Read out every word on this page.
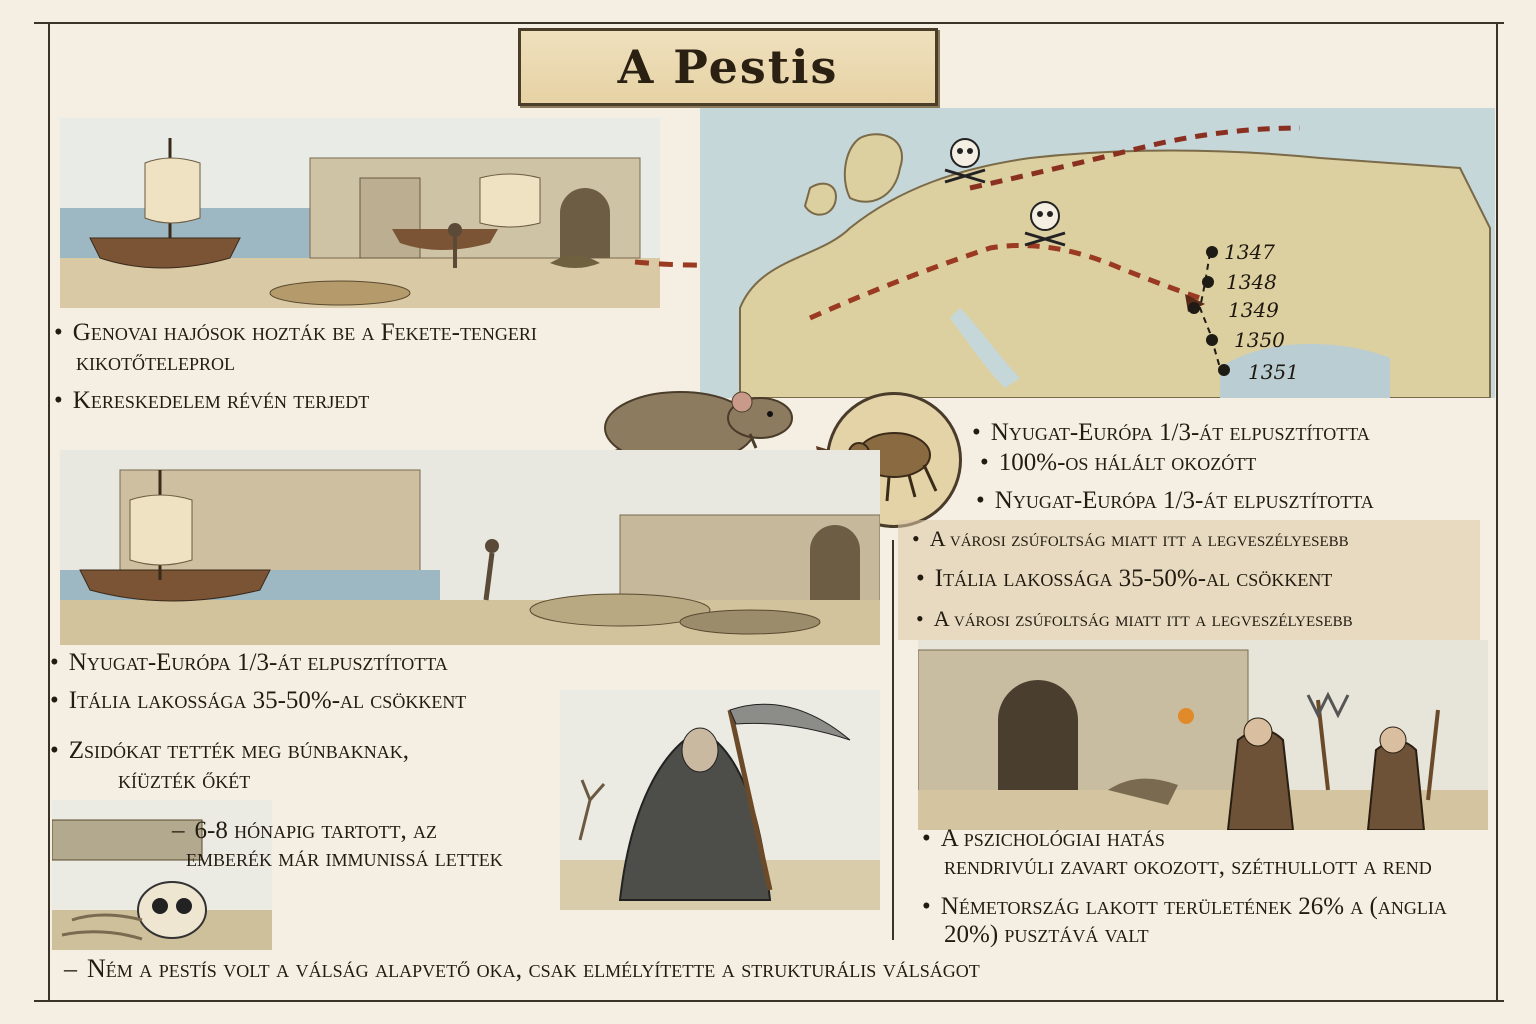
A Pestis
1347
1348
1349
1350
1351
• Genovai hajósok hozták be a Fekete-tengeri
kikotőteleprol
• Kereskedelem révén terjedt
• Nyugat-Európa 1/3-át elpusztította
• 100%-os hálált okozótt
• Nyugat-Európa 1/3-át elpusztította
• Nyugat-Európa 1/3-át elpusztította
• Itália lakossága 35-50%-al csökkent
• Zsidókat tették meg búnbaknak,
kíüzték őkét
– 6-8 hónapig tartott, az
emberék már immunissá lettek
• A városi zsúfoltság miatt itt a legveszélyesebb
• Itália lakossága 35-50%-al csökkent
• A városi zsúfoltság miatt itt a legveszélyesebb
• A pszichológiai hatás
rendrivúli zavart okozott, széthullott a rend
• Németország lakott területének 26% a (anglia
20%) pusztává valt
– Ném a pestís volt a válság alapvető oka, csak elmélyítette a strukturális válságot
